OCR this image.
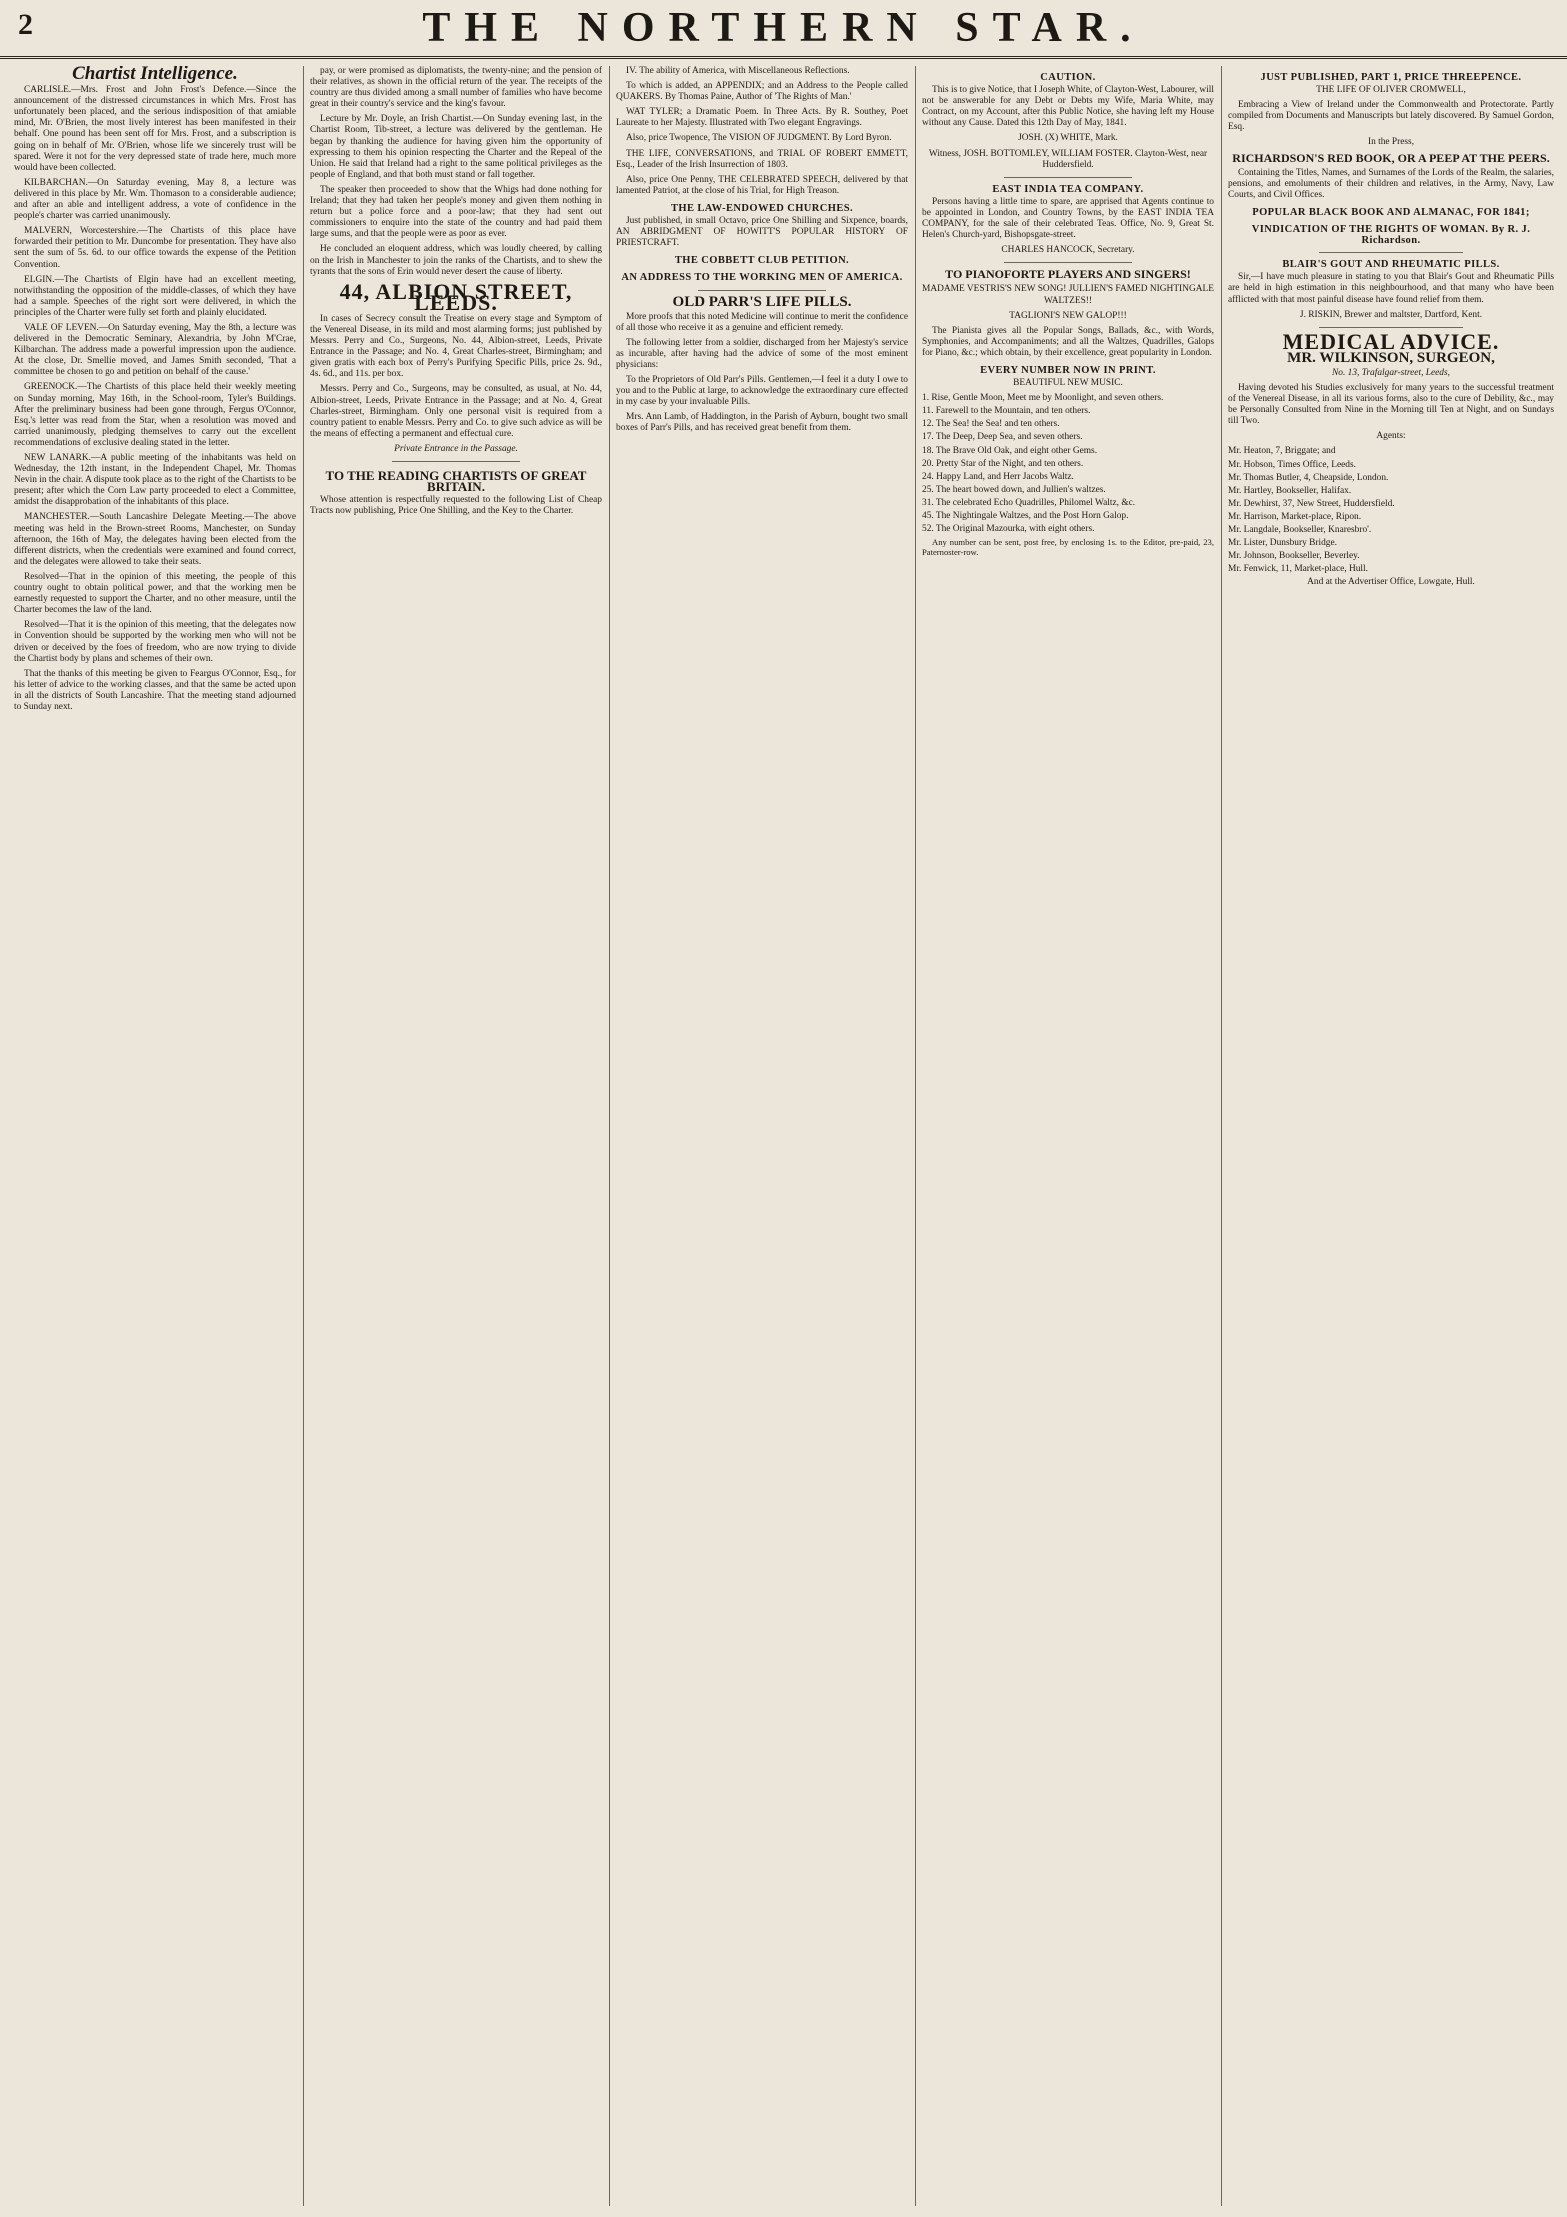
2	THE NORTHERN STAR.
Chartist Intelligence.

CARLISLE.—Mrs. Frost and John Frost's Defence.—Since the announcement of the distressed circumstances in which Mrs. Frost has unfortunately been placed, and the serious indisposition of that amiable mind, Mr. O'Brien, the most lively interest has been manifested in their behalf. One pound has been sent off for Mrs. Frost, and a subscription is going on in behalf of Mr. O'Brien, whose life we sincerely trust will be spared. Were it not for the very depressed state of trade here, much more would have been collected.

KILBARCHAN.—On Saturday evening, May 8, a lecture was delivered in this place by Mr. Wm. Thomason to a considerable audience; and after an able and intelligent address, a vote of confidence in the people's charter was carried unanimously.

MALVERN, Worcestershire.—The Chartists of this place have forwarded their petition to Mr. Duncombe for presentation. They have also sent the sum of 5s. 6d. to our office towards the expense of the Petition Convention.

ELGIN.—The Chartists of Elgin have had an excellent meeting, notwithstanding the opposition of the middle-classes, of which they have had a sample. Speeches of the right sort were delivered, in which the principles of the Charter were fully set forth and plainly elucidated.

VALE OF LEVEN.—On Saturday evening, May the 8th, a lecture was delivered in the Democratic Seminary, Alexandria, by John M'Crae, Kilbarchan. The address made a powerful impression upon the audience. At the close, Dr. Smellie moved, and James Smith seconded, 'That a committee be chosen to go and petition on behalf of the cause.'

GREENOCK.—The Chartists of this place held their weekly meeting on Sunday morning, May 16th, in the School-room, Tyler's Buildings. After the preliminary business had been gone through, Fergus O'Connor, Esq.'s letter was read from the Star, when a resolution was moved and carried unanimously, pledging themselves to carry out the excellent recommendations of exclusive dealing stated in the letter.

NEW LANARK.—A public meeting of the inhabitants was held on Wednesday, the 12th instant, in the Independent Chapel, Mr. Thomas Nevin in the chair. A dispute took place as to the right of the Chartists to be present; after which the Corn Law party proceeded to elect a Committee, amidst the disapprobation of the inhabitants of this place.

MANCHESTER.—South Lancashire Delegate Meeting.—The above meeting was held in the Brown-street Rooms, Manchester, on Sunday afternoon, the 16th of May, the delegates having been elected from the different districts, when the credentials were examined and found correct, and the delegates were allowed to take their seats.

Resolved—That in the opinion of this meeting, the people of this country ought to obtain political power, and that the working men be earnestly requested to support the Charter, and no other measure, until the Charter becomes the law of the land.

Resolved—That it is the opinion of this meeting, that the delegates now in Convention should be supported by the working men who will not be driven or deceived by the foes of freedom, who are now trying to divide the Chartist body by plans and schemes of their own.

That the thanks of this meeting be given to Feargus O'Connor, Esq., for his letter of advice to the working classes, and that the same be acted upon in all the districts of South Lancashire. That the meeting stand adjourned to Sunday next.

pay, or were promised as diplomatists, the twenty-nine; and the pension of their relatives, as shown in the official return of the year. The receipts of the country are thus divided among a small number of families who have become great in their country's service and the king's favour.

Lecture by Mr. Doyle, an Irish Chartist.—On Sunday evening last, in the Chartist Room, Tib-street, a lecture was delivered by the gentleman. He began by thanking the audience for having given him the opportunity of expressing to them his opinion respecting the Charter and the Repeal of the Union. He said that Ireland had a right to the same political privileges as the people of England, and that both must stand or fall together.

The speaker then proceeded to show that the Whigs had done nothing for Ireland; that they had taken her people's money and given them nothing in return but a police force and a poor-law; that they had sent out commissioners to enquire into the state of the country and had paid them large sums, and that the people were as poor as ever.

He concluded an eloquent address, which was loudly cheered, by calling on the Irish in Manchester to join the ranks of the Chartists, and to shew the tyrants that the sons of Erin would never desert the cause of liberty.

44, ALBION STREET, LEEDS.

In cases of Secrecy consult the Treatise on every stage and Symptom of the Venereal Disease, in its mild and most alarming forms; just published by Messrs. Perry and Co., Surgeons, No. 44, Albion-street, Leeds, Private Entrance in the Passage; and No. 4, Great Charles-street, Birmingham; and given gratis with each box of Perry's Purifying Specific Pills, price 2s. 9d., 4s. 6d., and 11s. per box.

Messrs. Perry and Co., Surgeons, may be consulted, as usual, at No. 44, Albion-street, Leeds, Private Entrance in the Passage; and at No. 4, Great Charles-street, Birmingham. Only one personal visit is required from a country patient to enable Messrs. Perry and Co. to give such advice as will be the means of effecting a permanent and effectual cure.

Private Entrance in the Passage.

TO THE READING CHARTISTS OF GREAT BRITAIN.

Whose attention is respectfully requested to the following List of Cheap Tracts now publishing, Price One Shilling, and the Key to the Charter.

IV. The ability of America, with Miscellaneous Reflections.

To which is added, an APPENDIX; and an Address to the People called QUAKERS. By Thomas Paine, Author of 'The Rights of Man.'

WAT TYLER; a Dramatic Poem. In Three Acts. By R. Southey, Poet Laureate to her Majesty. Illustrated with Two elegant Engravings.

Also, price Twopence, The VISION OF JUDGMENT. By Lord Byron.

THE LIFE, CONVERSATIONS, and TRIAL OF ROBERT EMMETT, Esq., Leader of the Irish Insurrection of 1803.

Also, price One Penny, THE CELEBRATED SPEECH, delivered by that lamented Patriot, at the close of his Trial, for High Treason.

THE LAW-ENDOWED CHURCHES.

Just published, in small Octavo, price One Shilling and Sixpence, boards, AN ABRIDGMENT OF HOWITT'S POPULAR HISTORY OF PRIESTCRAFT.

THE COBBETT CLUB PETITION.
AN ADDRESS TO THE WORKING MEN OF AMERICA.
OLD PARR'S LIFE PILLS.

More proofs that this noted Medicine will continue to merit the confidence of all those who receive it as a genuine and efficient remedy.

The following letter from a soldier, discharged from her Majesty's service as incurable, after having had the advice of some of the most eminent physicians:

To the Proprietors of Old Parr's Pills. Gentlemen,—I feel it a duty I owe to you and to the Public at large, to acknowledge the extraordinary cure effected in my case by your invaluable Pills.

Mrs. Ann Lamb, of Haddington, in the Parish of Ayburn, bought two small boxes of Parr's Pills, and has received great benefit from them.

CAUTION.

This is to give Notice, that I Joseph White, of Clayton-West, Labourer, will not be answerable for any Debt or Debts my Wife, Maria White, may Contract, on my Account, after this Public Notice, she having left my House without any Cause. Dated this 12th Day of May, 1841.

JOSH. (X) WHITE, Mark.

Witness, JOSH. BOTTOMLEY, WILLIAM FOSTER. Clayton-West, near Huddersfield.

EAST INDIA TEA COMPANY.

Persons having a little time to spare, are apprised that Agents continue to be appointed in London, and Country Towns, by the EAST INDIA TEA COMPANY, for the sale of their celebrated Teas. Office, No. 9, Great St. Helen's Church-yard, Bishopsgate-street.

CHARLES HANCOCK, Secretary.

TO PIANOFORTE PLAYERS AND SINGERS!

MADAME VESTRIS'S NEW SONG! JULLIEN'S FAMED NIGHTINGALE WALTZES!!

TAGLIONI'S NEW GALOP!!!

The Pianista gives all the Popular Songs, Ballads, &c., with Words, Symphonies, and Accompaniments; and all the Waltzes, Quadrilles, Galops for Piano, &c.; which obtain, by their excellence, great popularity in London.

EVERY NUMBER NOW IN PRINT.

BEAUTIFUL NEW MUSIC.

1. Rise, Gentle Moon, Meet me by Moonlight, and seven others.
11. Farewell to the Mountain, and ten others.
12. The Sea! the Sea! and ten others.
17. The Deep, Deep Sea, and seven others.
18. The Brave Old Oak, and eight other Gems.
20. Pretty Star of the Night, and ten others.
24. Happy Land, and Herr Jacobs Waltz.
25. The heart bowed down, and Jullien's waltzes.
31. The celebrated Echo Quadrilles, Philomel Waltz, &c.
45. The Nightingale Waltzes, and the Post Horn Galop.
52. The Original Mazourka, with eight others.

Any number can be sent, post free, by enclosing 1s. to the Editor, pre-paid, 23, Paternoster-row.

JUST PUBLISHED, PART 1, PRICE THREEPENCE.

THE LIFE OF OLIVER CROMWELL,

Embracing a View of Ireland under the Commonwealth and Protectorate. Partly compiled from Documents and Manuscripts but lately discovered. By Samuel Gordon, Esq.

In the Press,

RICHARDSON'S RED BOOK, OR A PEEP AT THE PEERS.

Containing the Titles, Names, and Surnames of the Lords of the Realm, the salaries, pensions, and emoluments of their children and relatives, in the Army, Navy, Law Courts, and Civil Offices.

POPULAR BLACK BOOK AND ALMANAC, FOR 1841;
VINDICATION OF THE RIGHTS OF WOMAN. By R. J. Richardson.
BLAIR'S GOUT AND RHEUMATIC PILLS.

Sir,—I have much pleasure in stating to you that Blair's Gout and Rheumatic Pills are held in high estimation in this neighbourhood, and that many who have been afflicted with that most painful disease have found relief from them.

J. RISKIN, Brewer and maltster, Dartford, Kent.

MEDICAL ADVICE.
MR. WILKINSON, SURGEON,

No. 13, Trafalgar-street, Leeds,

Having devoted his Studies exclusively for many years to the successful treatment of the Venereal Disease, in all its various forms, also to the cure of Debility, &c., may be Personally Consulted from Nine in the Morning till Ten at Night, and on Sundays till Two.

Agents:

Mr. Heaton, 7, Briggate; and
Mr. Hobson, Times Office, Leeds.
Mr. Thomas Butler, 4, Cheapside, London.
Mr. Hartley, Bookseller, Halifax.
Mr. Dewhirst, 37, New Street, Huddersfield.
Mr. Harrison, Market-place, Ripon.
Mr. Langdale, Bookseller, Knaresbro'.
Mr. Lister, Dunsbury Bridge.
Mr. Johnson, Bookseller, Beverley.
Mr. Fenwick, 11, Market-place, Hull.

And at the Advertiser Office, Lowgate, Hull.
